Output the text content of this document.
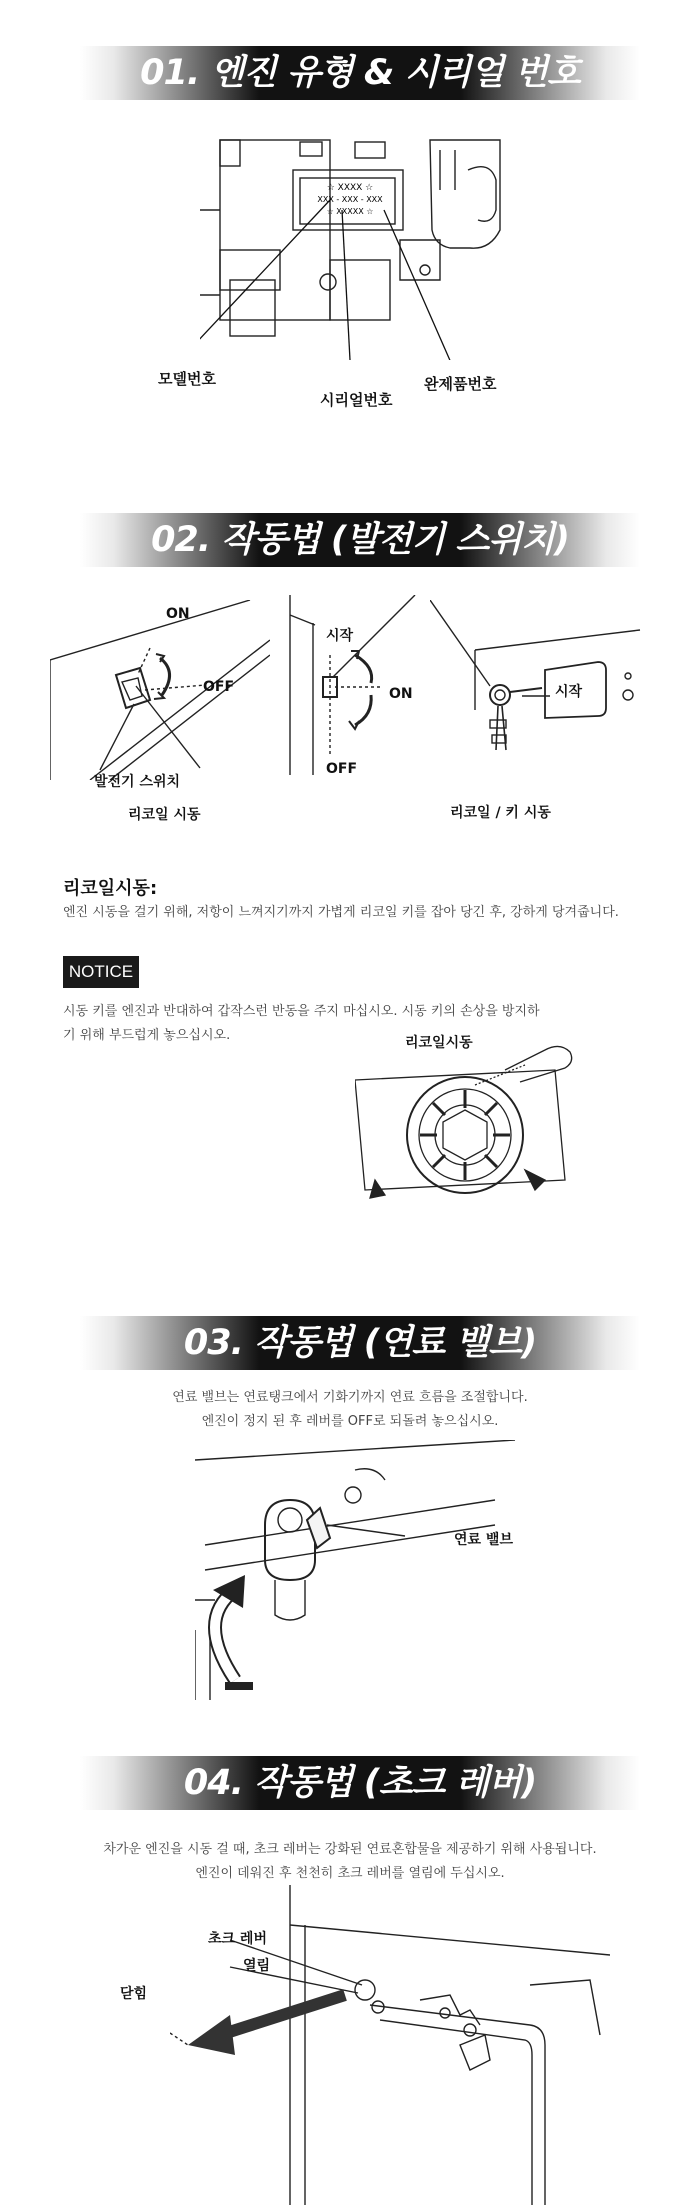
01. 엔진 유형 & 시리얼 번호
☆ XXXX ☆
XXX - XXX - XXX
☆ XXXXX ☆
모델번호
시리얼번호
완제품번호
02. 작동법 (발전기 스위치)
ON
OFF
발전기 스위치
리코일 시동
시작
ON
OFF
시작
리코일 / 키 시동
리코일시동:
엔진 시동을 걸기 위해, 저항이 느껴지기까지 가볍게 리코일 키를 잡아 당긴 후, 강하게 당겨줍니다.
NOTICE
시동 키를 엔진과 반대하여 갑작스런 반동을 주지 마십시오. 시동 키의 손상을 방지하
기 위해 부드럽게 놓으십시오.	리코일시동
03. 작동법 (연료 밸브)
연료 밸브는 연료탱크에서 기화기까지 연료 흐름을 조절합니다.
엔진이 정지 된 후 레버를 OFF로 되돌려 놓으십시오.
연료 밸브
04. 작동법 (초크 레버)
차가운 엔진을 시동 걸 때, 초크 레버는 강화된 연료혼합물을 제공하기 위해 사용됩니다.
엔진이 데워진 후 천천히 초크 레버를 열림에 두십시오.
초크 레버
열림
닫힘
